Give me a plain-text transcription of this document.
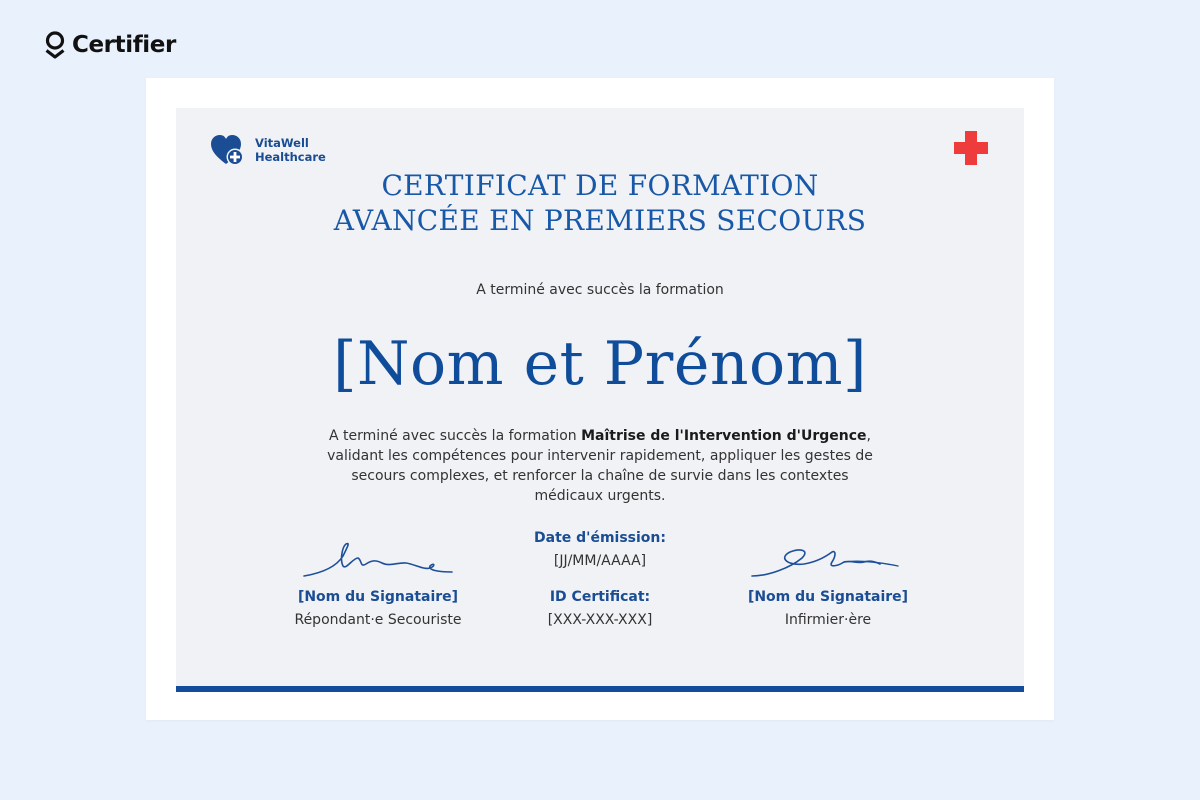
Certifier
VitaWell
Healthcare
CERTIFICAT DE FORMATION
AVANCÉE EN PREMIERS SECOURS
A terminé avec succès la formation
[Nom et Prénom]
A terminé avec succès la formation Maîtrise de l'Intervention d'Urgence, validant les compétences pour intervenir rapidement, appliquer les gestes de secours complexes, et renforcer la chaîne de survie dans les contextes médicaux urgents.
[Nom du Signataire]
Répondant·e Secouriste
Date d'émission:
[JJ/MM/AAAA]
ID Certificat:
[XXX-XXX-XXX]
[Nom du Signataire]
Infirmier·ère
